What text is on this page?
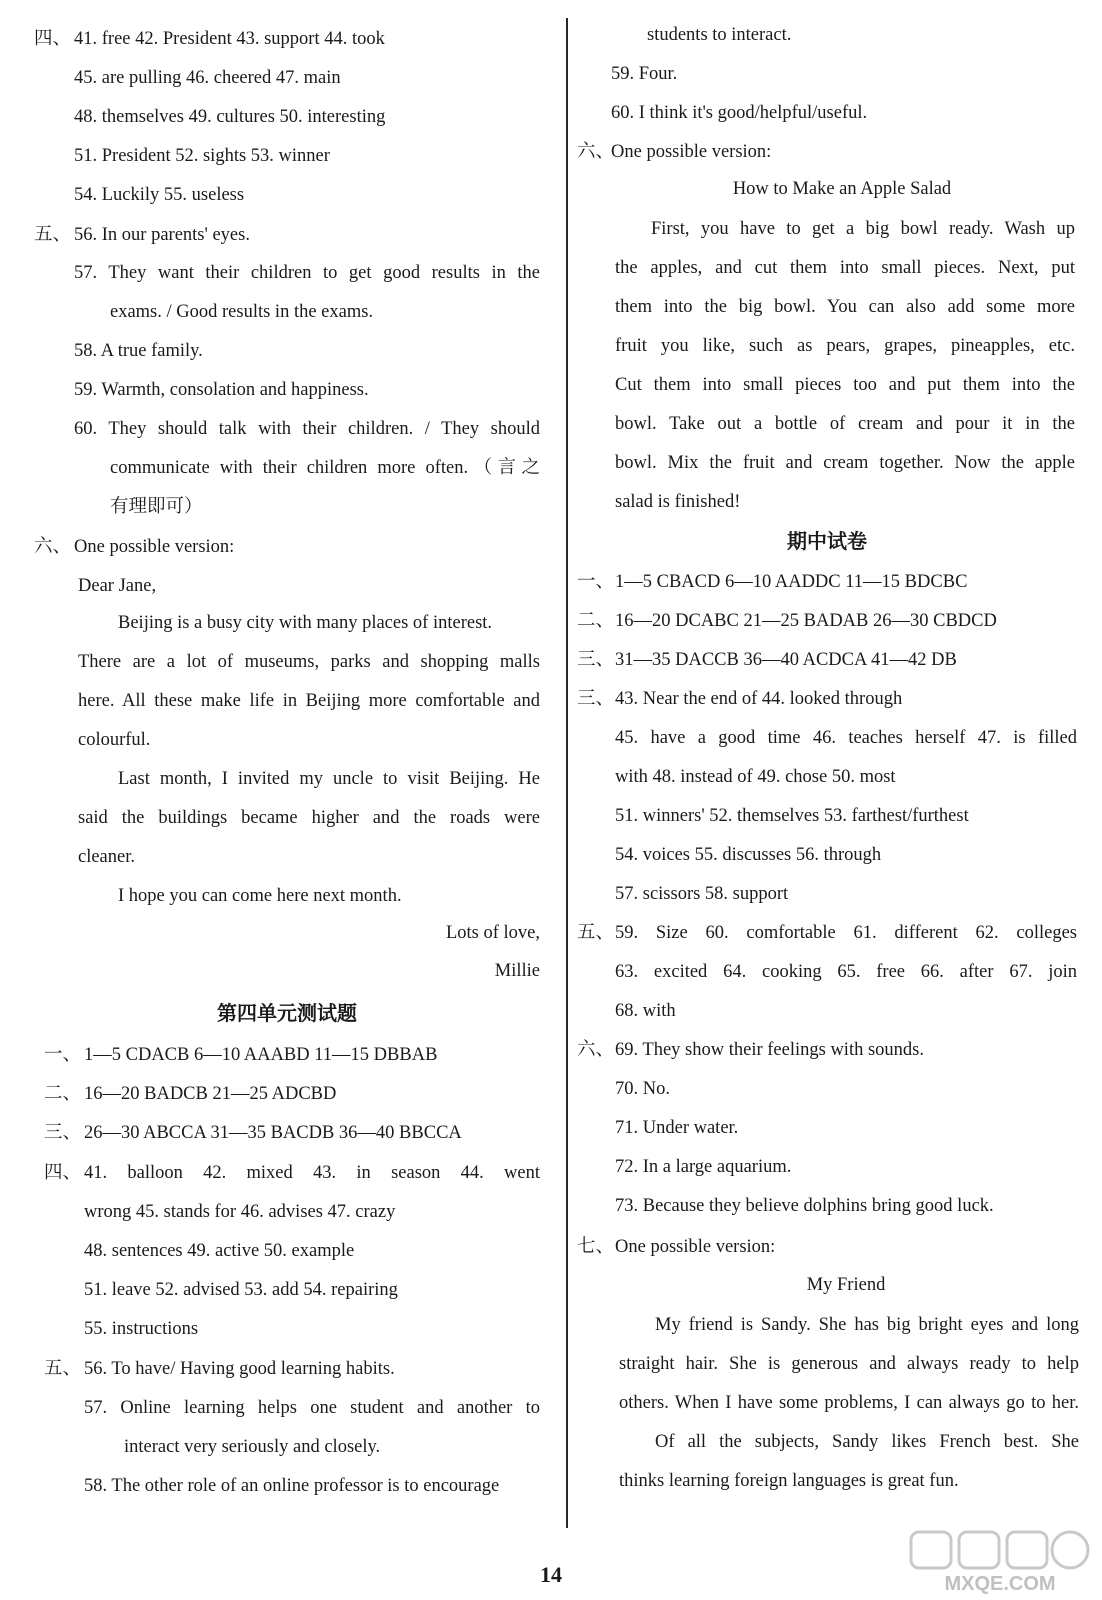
四、 41. free 42. President 43. support 44. took
45. are pulling 46. cheered 47. main
48. themselves 49. cultures 50. interesting
51. President 52. sights 53. winner
54. Luckily 55. useless
五、 56. In our parents' eyes.
57. They want their children to get good results in the
exams. / Good results in the exams.
58. A true family.
59. Warmth, consolation and happiness.
60. They should talk with their children. / They should
communicate with their children more often.（言之
有理即可）
六、 One possible version:
Dear Jane,
Beijing is a busy city with many places of interest.
There are a lot of museums, parks and shopping malls
here. All these make life in Beijing more comfortable and
colourful.
Last month, I invited my uncle to visit Beijing. He
said the buildings became higher and the roads were
cleaner.
I hope you can come here next month.
Lots of love,
Millie
第四单元测试题
一、 1—5 CDACB 6—10 AAABD 11—15 DBBAB
二、 16—20 BADCB 21—25 ADCBD
三、 26—30 ABCCA 31—35 BACDB 36—40 BBCCA
四、 41. balloon 42. mixed 43. in season 44. went
wrong 45. stands for 46. advises 47. crazy
48. sentences 49. active 50. example
51. leave 52. advised 53. add 54. repairing
55. instructions
五、 56. To have/ Having good learning habits.
57. Online learning helps one student and another to
interact very seriously and closely.
58. The other role of an online professor is to encourage
students to interact.
59. Four.
60. I think it's good/helpful/useful.
六、
One possible version:
How to Make an Apple Salad
First, you have to get a big bowl ready. Wash up
the apples, and cut them into small pieces. Next, put
them into the big bowl. You can also add some more
fruit you like, such as pears, grapes, pineapples, etc.
Cut them into small pieces too and put them into the
bowl. Take out a bottle of cream and pour it in the
bowl. Mix the fruit and cream together. Now the apple
salad is finished!
期中试卷
一、 1—5 CBACD 6—10 AADDC 11—15 BDCBC
二、 16—20 DCABC 21—25 BADAB 26—30 CBDCD
三、 31—35 DACCB 36—40 ACDCA 41—42 DB
三、 43. Near the end of 44. looked through
45. have a good time 46. teaches herself 47. is filled
with 48. instead of 49. chose 50. most
51. winners' 52. themselves 53. farthest/furthest
54. voices 55. discusses 56. through
57. scissors 58. support
五、 59. Size 60. comfortable 61. different 62. colleges
63. excited 64. cooking 65. free 66. after 67. join
68. with
六、 69. They show their feelings with sounds.
70. No.
71. Under water.
72. In a large aquarium.
73. Because they believe dolphins bring good luck.
七、 One possible version:
My Friend
My friend is Sandy. She has big bright eyes and long
straight hair. She is generous and always ready to help
others. When I have some problems, I can always go to her.
Of all the subjects, Sandy likes French best. She
thinks learning foreign languages is great fun.
14	MXQE.COM
